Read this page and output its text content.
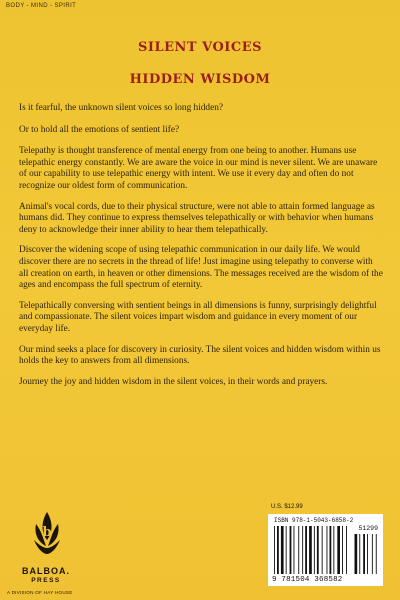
BODY - MIND - SPIRIT
SILENT VOICES
HIDDEN WISDOM

Is it fearful, the unknown silent voices so long hidden?

Or to hold all the emotions of sentient life?

Telepathy is thought transference of mental energy from one being to another. Humans use telepathic energy constantly. We are aware the voice in our mind is never silent. We are unaware of our capability to use telepathic energy with intent. We use it every day and often do not recognize our oldest form of communication.

Animal's vocal cords, due to their physical structure, were not able to attain formed language as humans did. They continue to express themselves telepathically or with behavior when humans deny to acknowledge their inner ability to hear them telepathically.

Discover the widening scope of using telepathic communication in our daily life. We would discover there are no secrets in the thread of life! Just imagine using telepathy to converse with all creation on earth, in heaven or other dimensions. The messages received are the wisdom of the ages and encompass the full spectrum of eternity.

Telepathically conversing with sentient beings in all dimensions is funny, surprisingly delightful and compassionate. The silent voices impart wisdom and guidance in every moment of our everyday life.

Our mind seeks a place for discovery in curiosity. The silent voices and hidden wisdom within us holds the key to answers from all dimensions.

Journey the joy and hidden wisdom in the silent voices, in their words and prayers.

b
BALBOA.
PRESS
A DIVISION OF HAY HOUSE
U.S. $12.99
ISBN 978-1-5043-6858-2
51299
9 781504 368582
